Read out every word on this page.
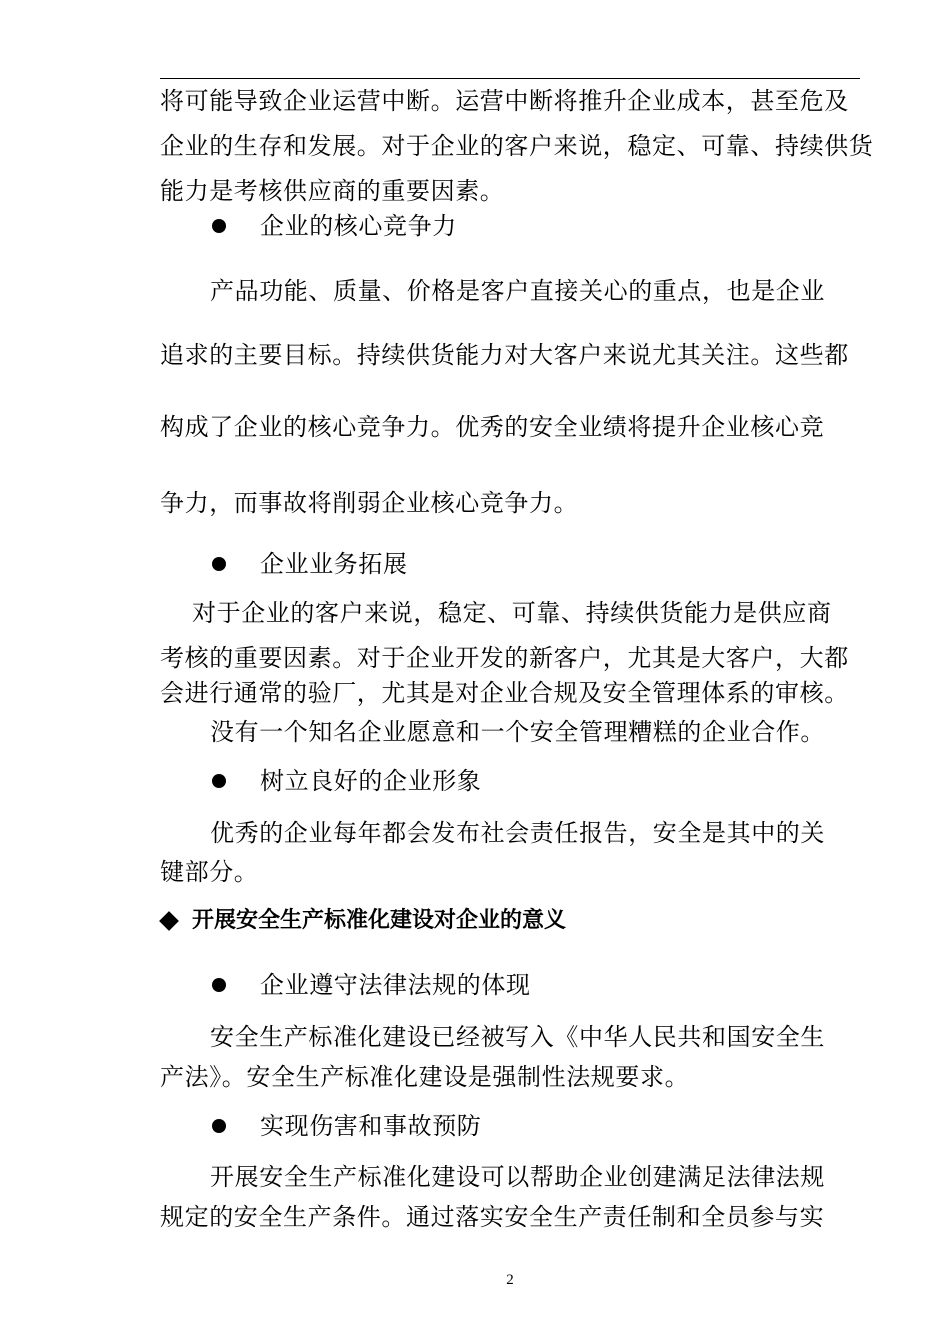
将可能导致企业运营中断。运营中断将推升企业成本，甚至危及
企业的生存和发展。对于企业的客户来说，稳定、可靠、持续供货
能力是考核供应商的重要因素。
企业的核心竞争力
产品功能、质量、价格是客户直接关心的重点，也是企业
追求的主要目标。持续供货能力对大客户来说尤其关注。这些都
构成了企业的核心竞争力。优秀的安全业绩将提升企业核心竞
争力，而事故将削弱企业核心竞争力。
企业业务拓展
对于企业的客户来说，稳定、可靠、持续供货能力是供应商
考核的重要因素。对于企业开发的新客户，尤其是大客户，大都
会进行通常的验厂，尤其是对企业合规及安全管理体系的审核。
没有一个知名企业愿意和一个安全管理糟糕的企业合作。
树立良好的企业形象
优秀的企业每年都会发布社会责任报告，安全是其中的关
键部分。
开展安全生产标准化建设对企业的意义
企业遵守法律法规的体现
安全生产标准化建设已经被写入《中华人民共和国安全生
产法》。安全生产标准化建设是强制性法规要求。
实现伤害和事故预防
开展安全生产标准化建设可以帮助企业创建满足法律法规
规定的安全生产条件。通过落实安全生产责任制和全员参与实
2
